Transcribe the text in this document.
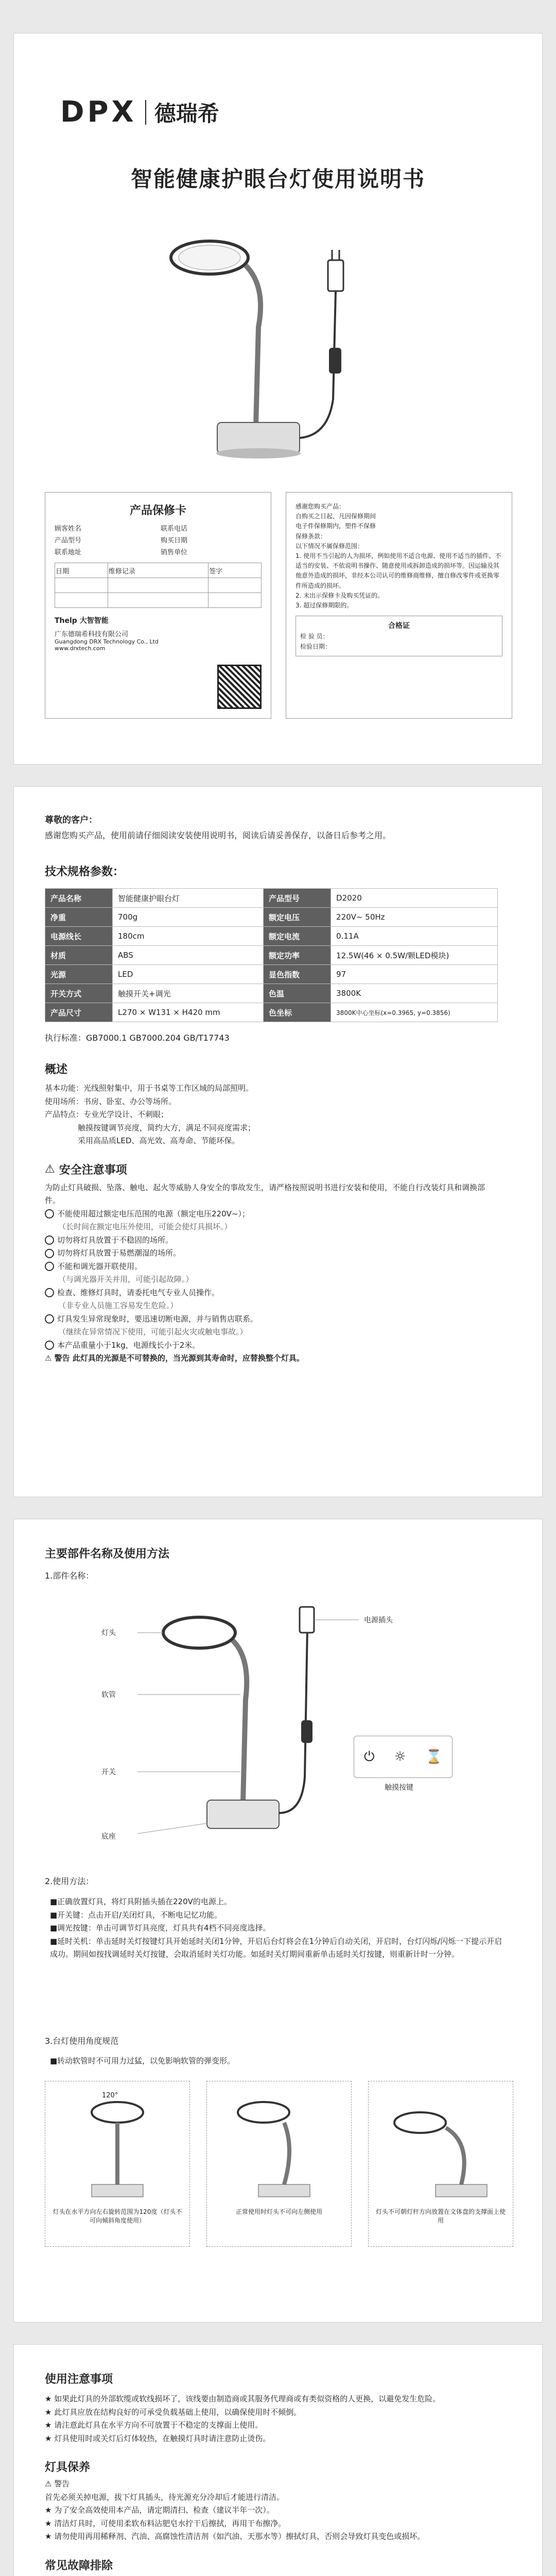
DPX 德瑞希
智能健康护眼台灯使用说明书
产品保修卡
顾客姓名	联系电话
产品型号	购买日期
联系地址	销售单位
日期	维修记录	签字

Thelp 大智智能
广东德瑞希科技有限公司
Guangdong DRX Technology Co., Ltd
www.drxtech.com
感谢您购买产品：
自购买之日起，凡因保修期间
电子件保修期内，塑件不保修
保修条款：
以下情况不属保修范围：
1. 使用不当引起的人为损坏，例如使用不适合电源、使用不适当的插件、不适当的安装、不依说明书操作、随意使用或拆卸造成的损坏等。因运输及其他意外造成的损坏，非经本公司认可的维修商维修，擅自修改零件或更换零件所造成的损坏。
2. 未出示保修卡及购买凭证的。
3. 超过保修期限的。
合格证
检 验 员：
检验日期：
尊敬的客户：
感谢您购买产品，使用前请仔细阅读安装使用说明书，阅读后请妥善保存，以备日后参考之用。
技术规格参数：
产品名称	智能健康护眼台灯	产品型号	D2020
净重	700g	额定电压	220V~ 50Hz
电源线长	180cm	额定电流	0.11A
材质	ABS	额定功率	12.5W(46 × 0.5W/颗LED模块)
光源	LED	显色指数	97
开关方式	触摸开关+调光	色温	3800K
产品尺寸	L270 × W131 × H420 mm	色坐标	3800K中心坐标(x=0.3965, y=0.3856)
执行标准：GB7000.1 GB7000.204 GB/T17743
概述
基本功能：光线照射集中，用于书桌等工作区域的局部照明。
使用场所：书房、卧室、办公等场所。
产品特点：专业光学设计、不刺眼；
触摸按键调节亮度，简约大方，满足不同亮度需求；
采用高品质LED、高光效、高寿命、节能环保。
⚠ 安全注意事项
为防止灯具破损、坠落、触电、起火等威胁人身安全的事故发生，请严格按照说明书进行安装和使用，不能自行改装灯具和调换部件。
不能使用超过额定电压范围的电源（额定电压220V~）；
（长时间在额定电压外使用，可能会使灯具损坏。）
切勿将灯具放置于不稳固的场所。
切勿将灯具放置于易燃潮湿的场所。
不能和调光器开联使用。
（与调光器开关并用，可能引起故障。）
检查、维修灯具时，请委托电气专业人员操作。
（非专业人员施工容易发生危险。）
灯具发生异常现象时，要迅速切断电源，并与销售店联系。
（继续在异常情况下使用，可能引起火灾或触电事故。）
本产品重量小于1kg，电源线长小于2米。
⚠ 警告 此灯具的光源是不可替换的，当光源到其寿命时，应替换整个灯具。
主要部件名称及使用方法
1.部件名称：
灯头
软管
开关
底座
电源插头
⏻ ☼ ⌛
触摸按键
2.使用方法：
■正确放置灯具，将灯具附插头插在220V的电源上。
■开关键：点击开启/关闭灯具，不断电记忆功能。
■调光按键：单击可调节灯具亮度，灯具共有4档不同亮度选择。
■延时关机：单击延时关灯按键灯具开始延时关闭1分钟，开启后台灯将会在1分钟后自动关闭，开启时，台灯闪烁/闪烁一下提示开启成功。期间如按找调延时关灯按键，会取消延时关灯功能。如延时关灯期间重新单击延时关灯按键，则重新计时一分钟。
3.台灯使用角度规范
■转动软管时不可用力过猛，以免影响软管的弹变形。
120°
灯头在水平方向左右旋转范围为120度（灯头不可向倾斜角度使用）
正常使用时灯头不可向左侧使用	灯头不可朝灯杆方向放置在文体盘的支撑面上使用
使用注意事项
★ 如果此灯具的外部软缆或软线损坏了，该线要由制造商或其服务代理商或有类似资格的人更换，以避免发生危险。
★ 此灯具应放在结构良好的可承受负载基础上使用，以确保使用时不倾倒。
★ 请注意此灯具在水平方向不可放置于不稳定的支撑面上使用。
★ 灯具使用时或关灯后灯体较热，在触摸灯具时请注意防止烫伤。
灯具保养
⚠ 警告
首先必须关掉电源，拔下灯具插头，待光源充分冷却后才能进行清洁。
★ 为了安全高效使用本产品，请定期清扫、检查（建议半年一次）。
★ 清洁灯具时，可使用柔软布料沾肥皂水拧干后擦拭，再用干布擦净。
★ 请勿使用再用稀释剂、汽油、高腐蚀性清洁剂（如汽油、天那水等）擦拭灯具，否则会导致灯具变色或损坏。
常见故障排除
